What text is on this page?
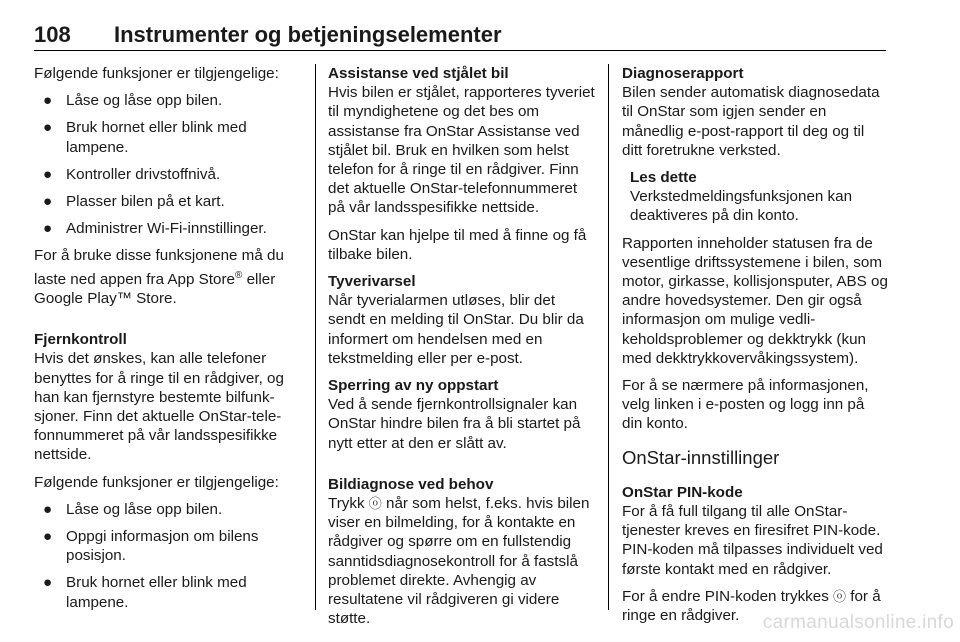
108 Instrumenter og betjeningselementer

Følgende funksjoner er tilgjengelige:

● Låse og låse opp bilen.
● Bruk hornet eller blink med lampene.
● Kontroller drivstoffnivå.
● Plasser bilen på et kart.
● Administrer Wi-Fi-innstillinger.

For å bruke disse funksjonene må du laste ned appen fra App Store® eller Google Play™ Store.

Fjernkontroll

Hvis det ønskes, kan alle telefoner benyttes for å ringe til en rådgiver, og han kan fjernstyre bestemte bilfunksjoner. Finn det aktuelle OnStar-telefonnummeret på vår landsspesifikke nettside.

Følgende funksjoner er tilgjengelige:

● Låse og låse opp bilen.
● Oppgi informasjon om bilens posisjon.
● Bruk hornet eller blink med lampene.
Assistanse ved stjålet bil

Hvis bilen er stjålet, rapporteres tyveriet til myndighetene og det bes om assistanse fra OnStar Assistanse ved stjålet bil. Bruk en hvilken som helst telefon for å ringe til en rådgiver. Finn det aktuelle OnStar-telefonnummeret på vår landsspesifikke nettside.

OnStar kan hjelpe til med å finne og få tilbake bilen.

Tyverivarsel

Når tyverialarmen utløses, blir det sendt en melding til OnStar. Du blir da informert om hendelsen med en tekstmelding eller per e-post.

Sperring av ny oppstart

Ved å sende fjernkontrollsignaler kan OnStar hindre bilen fra å bli startet på nytt etter at den er slått av.

Bildiagnose ved behov

Trykk ⓞ når som helst, f.eks. hvis bilen viser en bilmelding, for å kontakte en rådgiver og spørre om en fullstendig sanntidsdiagnosekontroll for å fastslå problemet direkte. Avhengig av resultatene vil rådgiveren gi videre støtte.

Diagnoserapport

Bilen sender automatisk diagnosedata til OnStar som igjen sender en månedlig e-post-rapport til deg og til ditt foretrukne verksted.

Les dette
Verkstedmeldingsfunksjonen kan deaktiveres på din konto.

Rapporten inneholder statusen fra de vesentlige driftssystemene i bilen, som motor, girkasse, kollisjonsputer, ABS og andre hovedsystemer. Den gir også informasjon om mulige vedlikeholdsproblemer og dekktrykk (kun med dekktrykkovervåkingssystem).

For å se nærmere på informasjonen, velg linken i e-posten og logg inn på din konto.

OnStar-innstillinger
OnStar PIN-kode

For å få full tilgang til alle OnStar-tjenester kreves en firesifret PIN-kode. PIN-koden må tilpasses individuelt ved første kontakt med en rådgiver.

For å endre PIN-koden trykkes ⓞ for å ringe en rådgiver.	carmanualsonline.info
